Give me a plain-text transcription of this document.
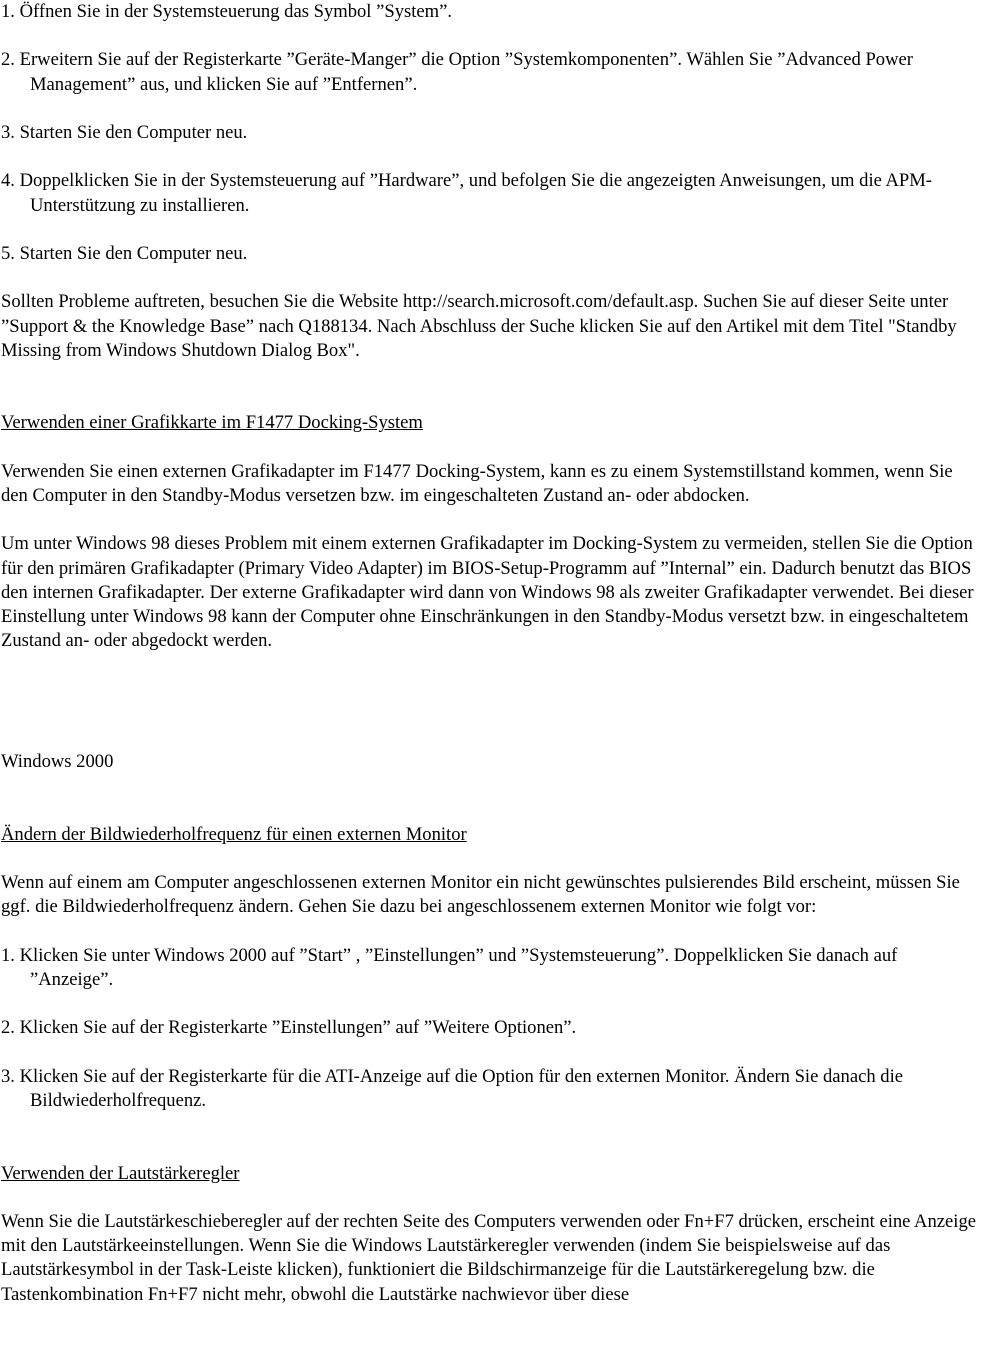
1. Öffnen Sie in der Systemsteuerung das Symbol ”System”.

2. Erweitern Sie auf der Registerkarte ”Geräte-Manger” die Option ”Systemkomponenten”. Wählen Sie ”Advanced Power Management” aus, und klicken Sie auf ”Entfernen”.

3. Starten Sie den Computer neu.

4. Doppelklicken Sie in der Systemsteuerung auf ”Hardware”, und befolgen Sie die angezeigten Anweisungen, um die APM-Unterstützung zu installieren.

5. Starten Sie den Computer neu.

Sollten Probleme auftreten, besuchen Sie die Website http://search.microsoft.com/default.asp. Suchen Sie auf dieser Seite unter ”Support & the Knowledge Base” nach Q188134. Nach Abschluss der Suche klicken Sie auf den Artikel mit dem Titel "Standby Missing from Windows Shutdown Dialog Box".

Verwenden einer Grafikkarte im F1477 Docking-System

Verwenden Sie einen externen Grafikadapter im F1477 Docking-System, kann es zu einem Systemstillstand kommen, wenn Sie den Computer in den Standby-Modus versetzen bzw. im eingeschalteten Zustand an- oder abdocken.

Um unter Windows 98 dieses Problem mit einem externen Grafikadapter im Docking-System zu vermeiden, stellen Sie die Option für den primären Grafikadapter (Primary Video Adapter) im BIOS-Setup-Programm auf ”Internal” ein. Dadurch benutzt das BIOS den internen Grafikadapter. Der externe Grafikadapter wird dann von Windows 98 als zweiter Grafikadapter verwendet. Bei dieser Einstellung unter Windows 98 kann der Computer ohne Einschränkungen in den Standby-Modus versetzt bzw. in eingeschaltetem Zustand an- oder abgedockt werden.

Windows 2000

Ändern der Bildwiederholfrequenz für einen externen Monitor

Wenn auf einem am Computer angeschlossenen externen Monitor ein nicht gewünschtes pulsierendes Bild erscheint, müssen Sie ggf. die Bildwiederholfrequenz ändern. Gehen Sie dazu bei angeschlossenem externen Monitor wie folgt vor:

1. Klicken Sie unter Windows 2000 auf ”Start” , ”Einstellungen” und ”Systemsteuerung”. Doppelklicken Sie danach auf ”Anzeige”.

2. Klicken Sie auf der Registerkarte ”Einstellungen” auf ”Weitere Optionen”.

3. Klicken Sie auf der Registerkarte für die ATI-Anzeige auf die Option für den externen Monitor. Ändern Sie danach die Bildwiederholfrequenz.

Verwenden der Lautstärkeregler

Wenn Sie die Lautstärkeschieberegler auf der rechten Seite des Computers verwenden oder Fn+F7 drücken, erscheint eine Anzeige mit den Lautstärkeeinstellungen. Wenn Sie die Windows Lautstärkeregler verwenden (indem Sie beispielsweise auf das Lautstärkesymbol in der Task-Leiste klicken), funktioniert die Bildschirmanzeige für die Lautstärkeregelung bzw. die Tastenkombination Fn+F7 nicht mehr, obwohl die Lautstärke nachwievor über diese
